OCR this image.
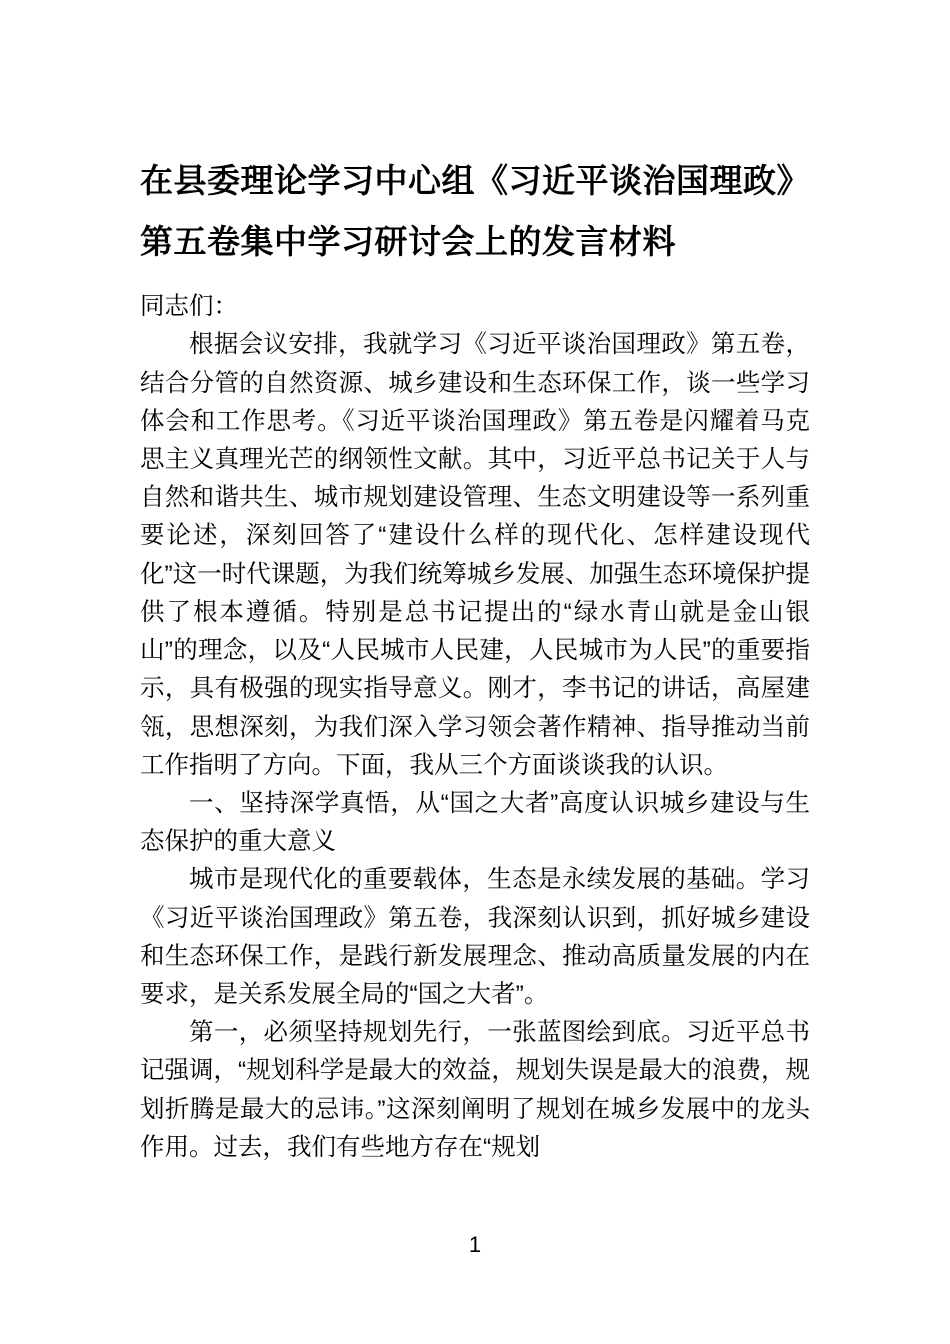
在县委理论学习中心组《习近平谈治国理政》第五卷集中学习研讨会上的发言材料

同志们：

根据会议安排，我就学习《习近平谈治国理政》第五卷，结合分管的自然资源、城乡建设和生态环保工作，谈一些学习体会和工作思考。《习近平谈治国理政》第五卷是闪耀着马克思主义真理光芒的纲领性文献。其中，习近平总书记关于人与自然和谐共生、城市规划建设管理、生态文明建设等一系列重要论述，深刻回答了“建设什么样的现代化、怎样建设现代化”这一时代课题，为我们统筹城乡发展、加强生态环境保护提供了根本遵循。特别是总书记提出的“绿水青山就是金山银山”的理念，以及“人民城市人民建，人民城市为人民”的重要指示，具有极强的现实指导意义。刚才，李书记的讲话，高屋建瓴，思想深刻，为我们深入学习领会著作精神、指导推动当前工作指明了方向。下面，我从三个方面谈谈我的认识。

一、坚持深学真悟，从“国之大者”高度认识城乡建设与生态保护的重大意义

城市是现代化的重要载体，生态是永续发展的基础。学习《习近平谈治国理政》第五卷，我深刻认识到，抓好城乡建设和生态环保工作，是践行新发展理念、推动高质量发展的内在要求，是关系发展全局的“国之大者”。

第一，必须坚持规划先行，一张蓝图绘到底。习近平总书记强调，“规划科学是最大的效益，规划失误是最大的浪费，规划折腾是最大的忌讳。”这深刻阐明了规划在城乡发展中的龙头作用。过去，我们有些地方存在“规划

1
